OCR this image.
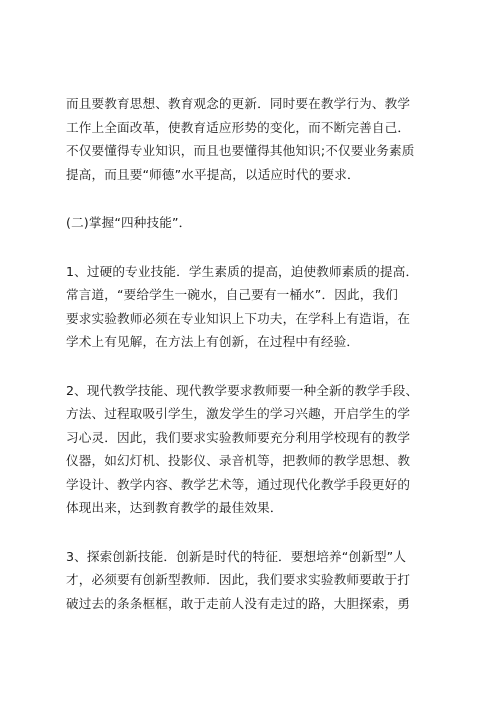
而且要教育思想、教育观念的更新．同时要在教学行为、教学
工作上全面改革，使教育适应形势的变化，而不断完善自己．
不仅要懂得专业知识，而且也要懂得其他知识;不仅要业务素质
提高，而且要“师德”水平提高，以适应时代的要求．
(二)掌握“四种技能”．
1、过硬的专业技能．学生素质的提高，迫使教师素质的提高．
常言道，“要给学生一碗水，自己要有一桶水”．因此，我们
要求实验教师必须在专业知识上下功夫，在学科上有造诣，在
学术上有见解，在方法上有创新，在过程中有经验．
2、现代教学技能、现代教学要求教师要一种全新的教学手段、
方法、过程取吸引学生，激发学生的学习兴趣，开启学生的学
习心灵．因此，我们要求实验教师要充分利用学校现有的教学
仪器，如幻灯机、投影仪、录音机等，把教师的教学思想、教
学设计、教学内容、教学艺术等，通过现代化教学手段更好的
体现出来，达到教育教学的最佳效果．
3、探索创新技能．创新是时代的特征．要想培养“创新型”人
才，必须要有创新型教师．因此，我们要求实验教师要敢于打
破过去的条条框框，敢于走前人没有走过的路，大胆探索，勇
